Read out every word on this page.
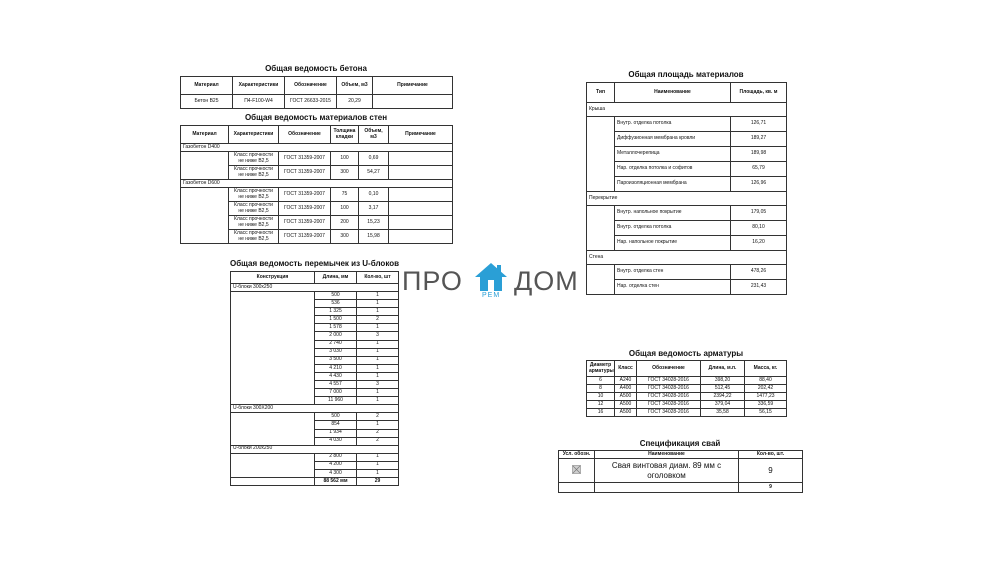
Общая ведомость бетона
Материал	Характеристики	Обозначение	Объем, м3	Примечание
Бетон B25	П4-F100-W4	ГОСТ 26633-2015	20,29	
Общая ведомость материалов стен
Материал	Характеристики	Обозначение	Толщина кладки	Объем, м3	Примечание
Газобетон D400					
	Класс прочности не ниже В2,5	ГОСТ 31359-2007	100	0,69	
	Класс прочности не ниже В2,5	ГОСТ 31359-2007	300	54,27	
Газобетон D600					
	Класс прочности не ниже В2,5	ГОСТ 31359-2007	75	0,10	
	Класс прочности не ниже В2,5	ГОСТ 31359-2007	100	3,17	
	Класс прочности не ниже В2,5	ГОСТ 31359-2007	200	15,23	
	Класс прочности не ниже В2,5	ГОСТ 31359-2007	300	15,98	
Общая ведомость перемычек из U-блоков
Конструкция	Длина, мм	Кол-во, шт
U-блоки 300х250		
	500	1
	536	1
	1 325	1
	1 500	2
	1 578	1
	2 000	3
	2 740	1
	3 030	1
	3 500	1
	4 210	1
	4 430	1
	4 557	3
	7 000	1
	11 960	1
U-блоки 300Х200		
	500	2
	854	1
	1 934	2
	4 030	2
U-блоки 200х250		
	2 800	1
	4 200	1
	4 300	1
	88 562 мм	29
Общая площадь материалов
Тип	Наименование	Площадь, кв. м
Крыша		
	Внутр. отделка потолка	126,71
	Диффузионная мембрана кровли	189,27
	Металлочерепица	189,98
	Нар. отделка потолка и софитов	65,79
	Пароизоляционная мембрана	126,96
Перекрытие		
	Внутр. напольное покрытие	179,05
	Внутр. отделка потолка	80,10
	Нар. напольное покрытие	16,20
Стена		
	Внутр. отделка стен	478,26
	Нар. отделка стен	231,43
Общая ведомость арматуры
Диаметр арматуры	Класс	Обозначение	Длина, м.п.	Масса, кг.
6	A240	ГОСТ 34028-2016	398,20	88,40
8	A400	ГОСТ 34028-2016	512,45	202,42
10	A500	ГОСТ 34028-2016	2394,22	1477,23
12	A500	ГОСТ 34028-2016	379,04	336,59
16	A500	ГОСТ 34028-2016	35,58	56,15
Спецификация свай
Усл. обозн.	Наименование	Кол-во, шт.
	Свая винтовая диам. 89 мм с оголовком	9
		9
ПРО	РЕМ ДОМ
